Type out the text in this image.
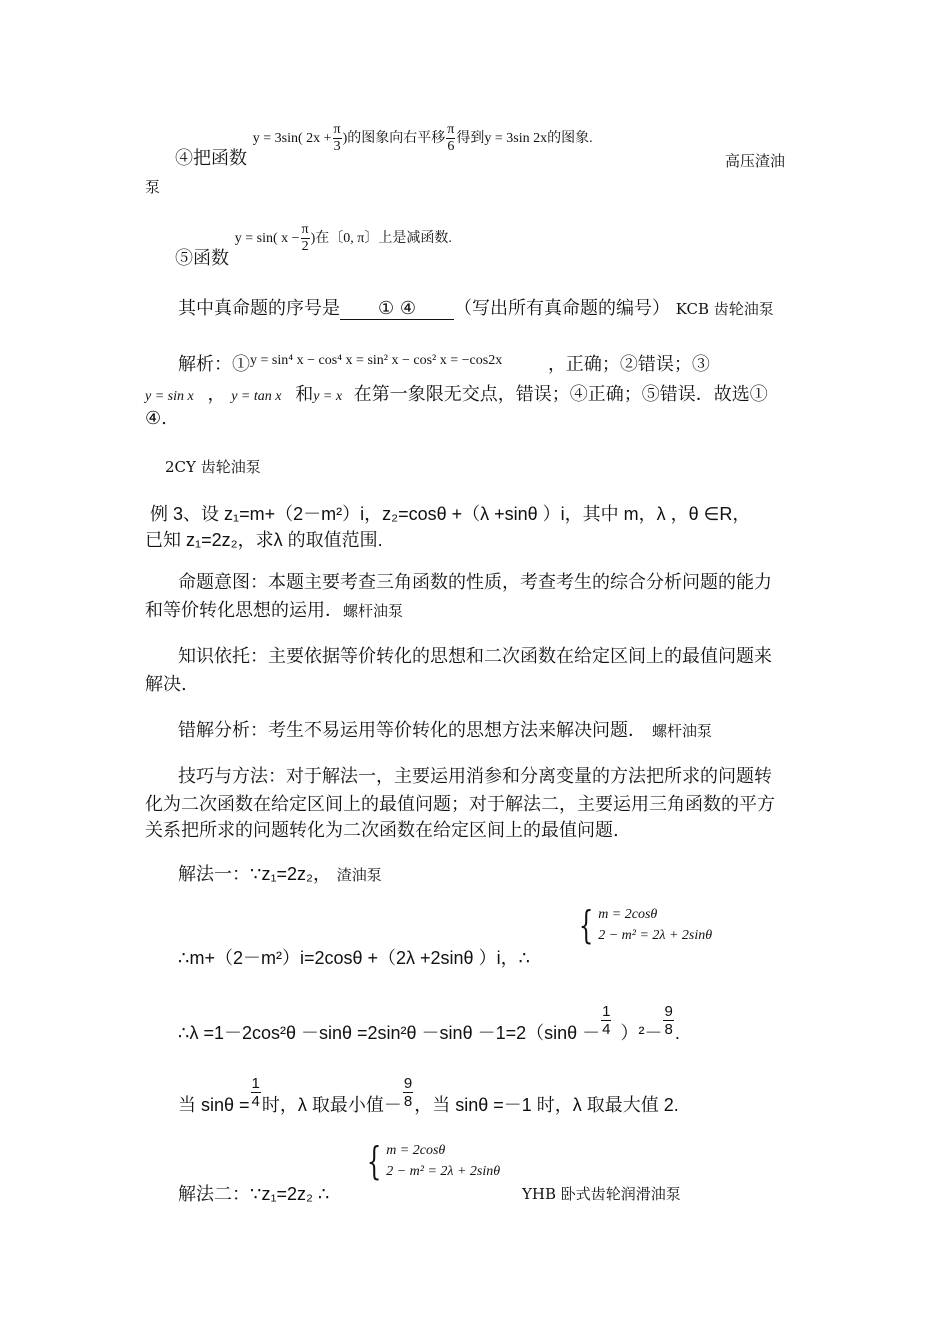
④把函数 y = 3sin( $2x + \frac{\pi}{3}$ )的图象向右平移 $\frac{\pi}{6}$ 得到y = 3sin 2x的图象.
高压渣油
泵
⑤函数 y = sin( $x - \frac{\pi}{2}$ )在〔0, π〕上是减函数.
其中真命题的序号是 ① ④ （写出所有真命题的编号） KCB 齿轮油泵
解析：①$^{y = sin^4 x - cos^4 x = sin^2 x - cos^2 x = -cos2x}$	，正确；②错误；③
y = sin x ， y = tan x 和y = x 在第一象限无交点，错误；④正确；⑤错误．故选①
④.
2CY 齿轮油泵
例 3、设 z₁=m+（2－m²）i，z₂=cosθ +（λ +sinθ ）i，其中 m，λ ，θ ∈R，
已知 z₁=2z₂，求λ 的取值范围.
命题意图：本题主要考查三角函数的性质，考查考生的综合分析问题的能力
和等价转化思想的运用．螺杆油泵
知识依托：主要依据等价转化的思想和二次函数在给定区间上的最值问题来
解决.
错解分析：考生不易运用等价转化的思想方法来解决问题． 螺杆油泵
技巧与方法：对于解法一，主要运用消参和分离变量的方法把所求的问题转
化为二次函数在给定区间上的最值问题；对于解法二，主要运用三角函数的平方
关系把所求的问题转化为二次函数在给定区间上的最值问题.
解法一：∵z₁=2z₂， 渣油泵
∴m+（2－m²）i=2cosθ +（2λ +2sinθ ）i，∴
{ m = 2cosθ
2 − m² = 2λ + 2sinθ
∴λ $=1-2\cos^2\theta -\sin\theta =2\sin^2\theta -\sin\theta -1=2(\sin\theta - \frac{1}{4} )^2- \frac{9}{8}$ .
当 $\sin\theta = \frac{1}{4}$ 时，λ 取最小值－ $\frac{9}{8}$ ，当 sinθ =－1 时，λ 取最大值 2.
解法二：∵z₁=2z₂ ∴
{ m = 2cosθ
2 − m² = 2λ + 2sinθ
YHB 卧式齿轮润滑油泵
